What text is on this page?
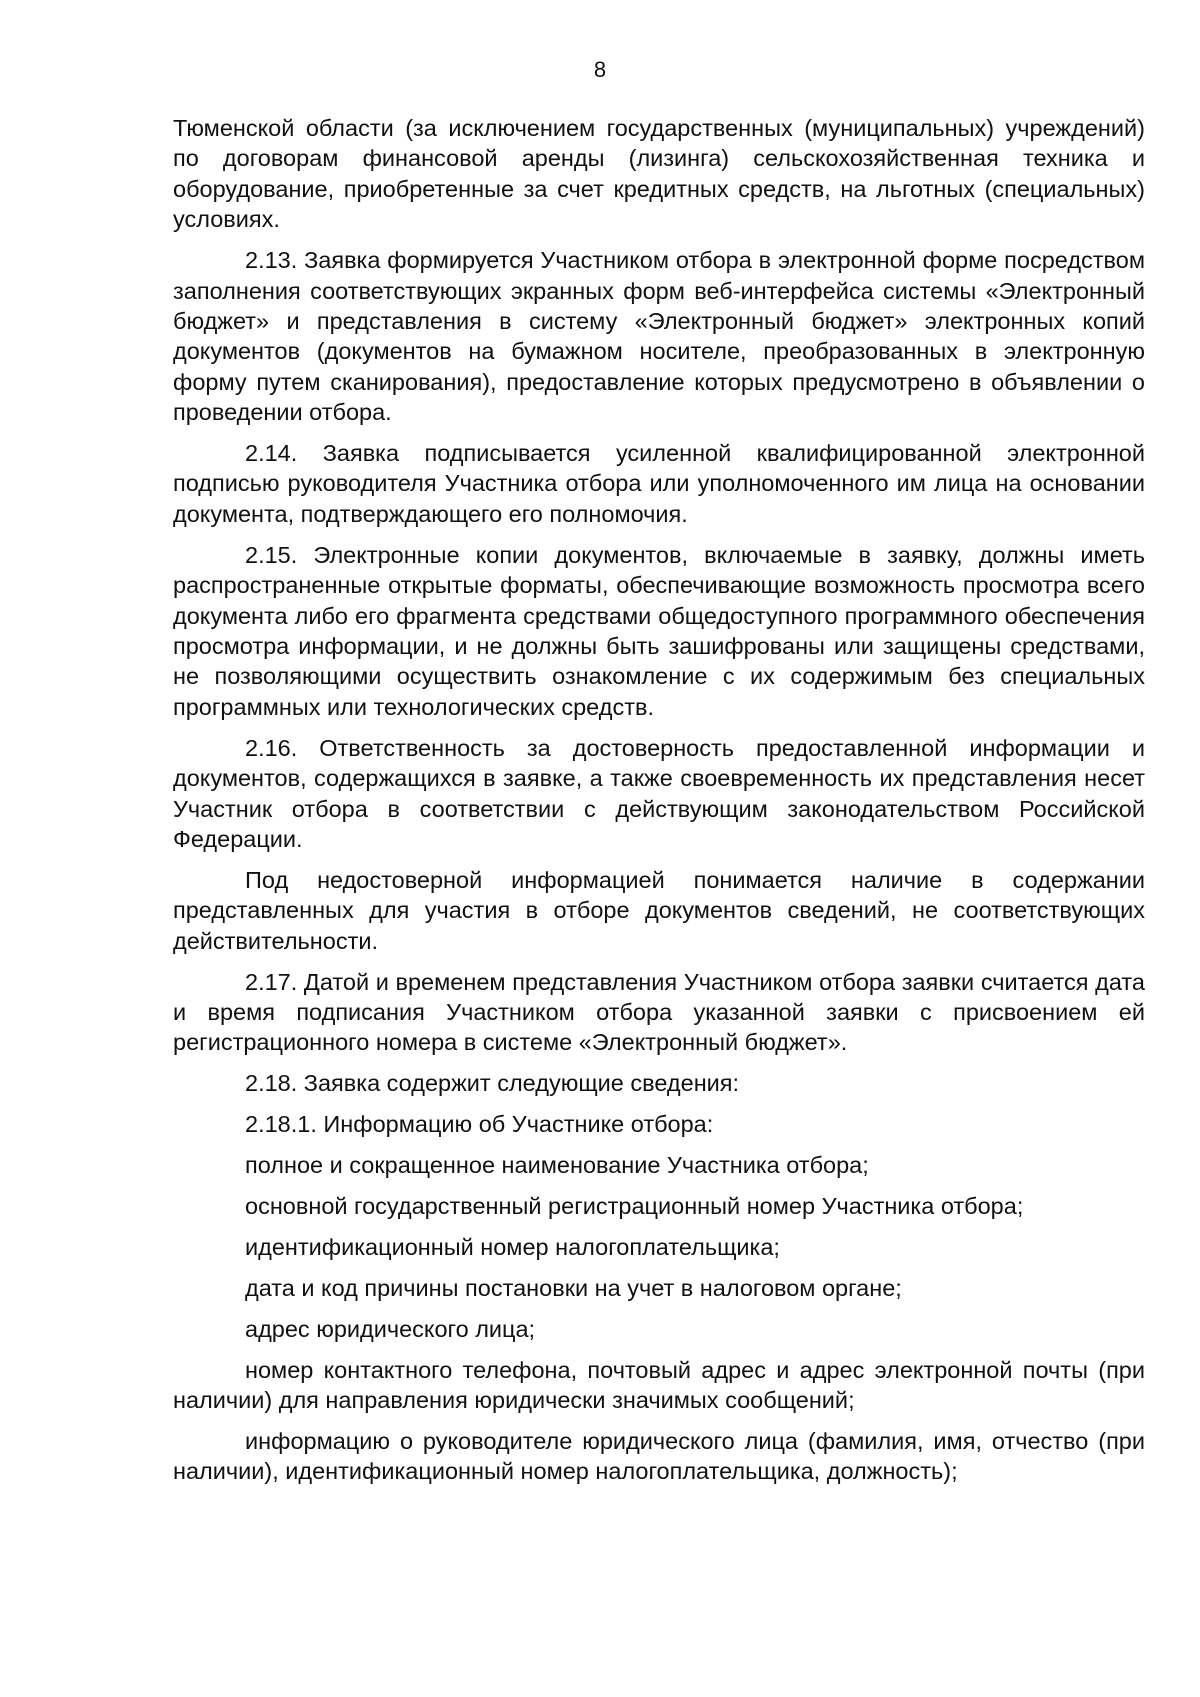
8

Тюменской области (за исключением государственных (муниципальных) учреждений) по договорам финансовой аренды (лизинга) сельскохозяйственная техника и оборудование, приобретенные за счет кредитных средств, на льготных (специальных) условиях.

2.13. Заявка формируется Участником отбора в электронной форме посредством заполнения соответствующих экранных форм веб-интерфейса системы «Электронный бюджет» и представления в систему «Электронный бюджет» электронных копий документов (документов на бумажном носителе, преобразованных в электронную форму путем сканирования), предоставление которых предусмотрено в объявлении о проведении отбора.

2.14. Заявка подписывается усиленной квалифицированной электронной подписью руководителя Участника отбора или уполномоченного им лица на основании документа, подтверждающего его полномочия.

2.15. Электронные копии документов, включаемые в заявку, должны иметь распространенные открытые форматы, обеспечивающие возможность просмотра всего документа либо его фрагмента средствами общедоступного программного обеспечения просмотра информации, и не должны быть зашифрованы или защищены средствами, не позволяющими осуществить ознакомление с их содержимым без специальных программных или технологических средств.

2.16. Ответственность за достоверность предоставленной информации и документов, содержащихся в заявке, а также своевременность их представления несет Участник отбора в соответствии с действующим законодательством Российской Федерации.

Под недостоверной информацией понимается наличие в содержании представленных для участия в отборе документов сведений, не соответствующих действительности.

2.17. Датой и временем представления Участником отбора заявки считается дата и время подписания Участником отбора указанной заявки с присвоением ей регистрационного номера в системе «Электронный бюджет».

2.18. Заявка содержит следующие сведения:

2.18.1. Информацию об Участнике отбора:

полное и сокращенное наименование Участника отбора;

основной государственный регистрационный номер Участника отбора;

идентификационный номер налогоплательщика;

дата и код причины постановки на учет в налоговом органе;

адрес юридического лица;

номер контактного телефона, почтовый адрес и адрес электронной почты (при наличии) для направления юридически значимых сообщений;

информацию о руководителе юридического лица (фамилия, имя, отчество (при наличии), идентификационный номер налогоплательщика, должность);
